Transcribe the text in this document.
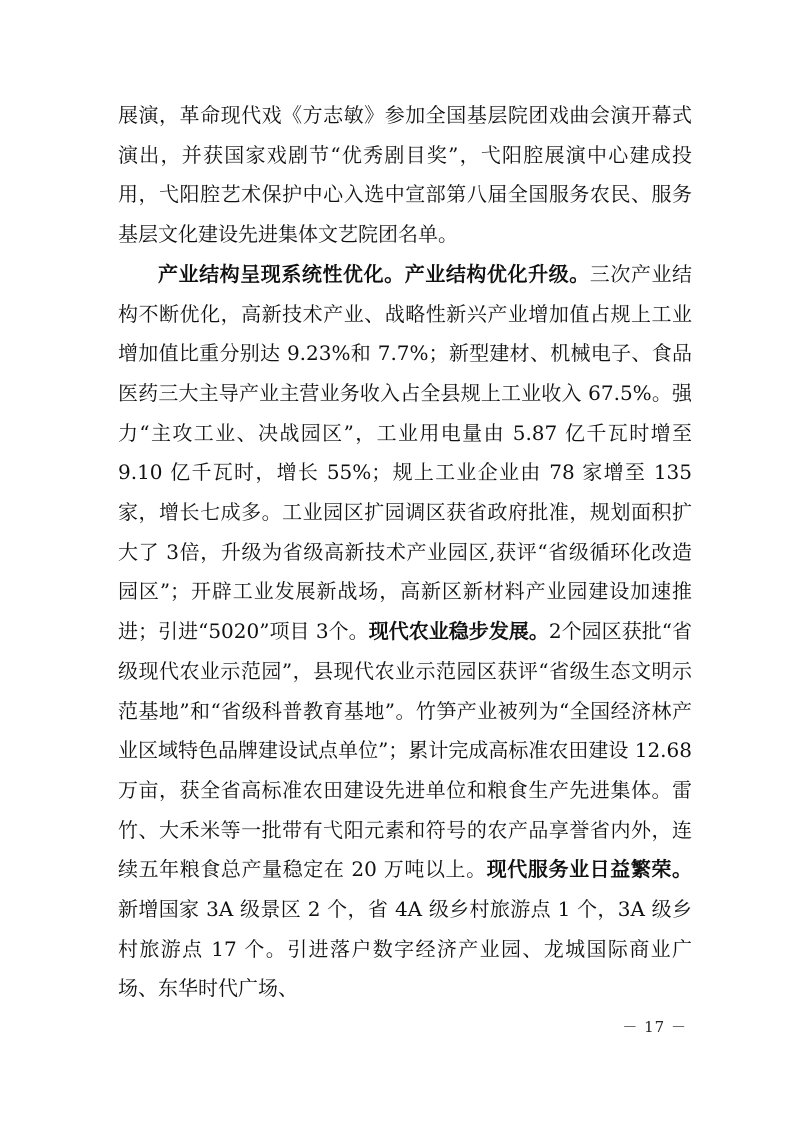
展演，革命现代戏《方志敏》参加全国基层院团戏曲会演开幕式演出，并获国家戏剧节“优秀剧目奖”，弋阳腔展演中心建成投用，弋阳腔艺术保护中心入选中宣部第八届全国服务农民、服务基层文化建设先进集体文艺院团名单。

产业结构呈现系统性优化。产业结构优化升级。三次产业结构不断优化，高新技术产业、战略性新兴产业增加值占规上工业增加值比重分别达 9.23%和 7.7%；新型建材、机械电子、食品医药三大主导产业主营业务收入占全县规上工业收入 67.5%。强力“主攻工业、决战园区”，工业用电量由 5.87 亿千瓦时增至 9.10 亿千瓦时，增长 55%；规上工业企业由 78 家增至 135 家，增长七成多。工业园区扩园调区获省政府批准，规划面积扩大了 3倍，升级为省级高新技术产业园区,获评“省级循环化改造园区”；开辟工业发展新战场，高新区新材料产业园建设加速推进；引进“5020”项目 3个。现代农业稳步发展。2个园区获批“省级现代农业示范园”，县现代农业示范园区获评“省级生态文明示范基地”和“省级科普教育基地”。竹笋产业被列为“全国经济林产业区域特色品牌建设试点单位”；累计完成高标准农田建设 12.68 万亩，获全省高标准农田建设先进单位和粮食生产先进集体。雷竹、大禾米等一批带有弋阳元素和符号的农产品享誉省内外，连续五年粮食总产量稳定在 20 万吨以上。现代服务业日益繁荣。新增国家 3A 级景区 2 个，省 4A 级乡村旅游点 1 个，3A 级乡村旅游点 17 个。引进落户数字经济产业园、龙城国际商业广场、东华时代广场、

－ 17 －
